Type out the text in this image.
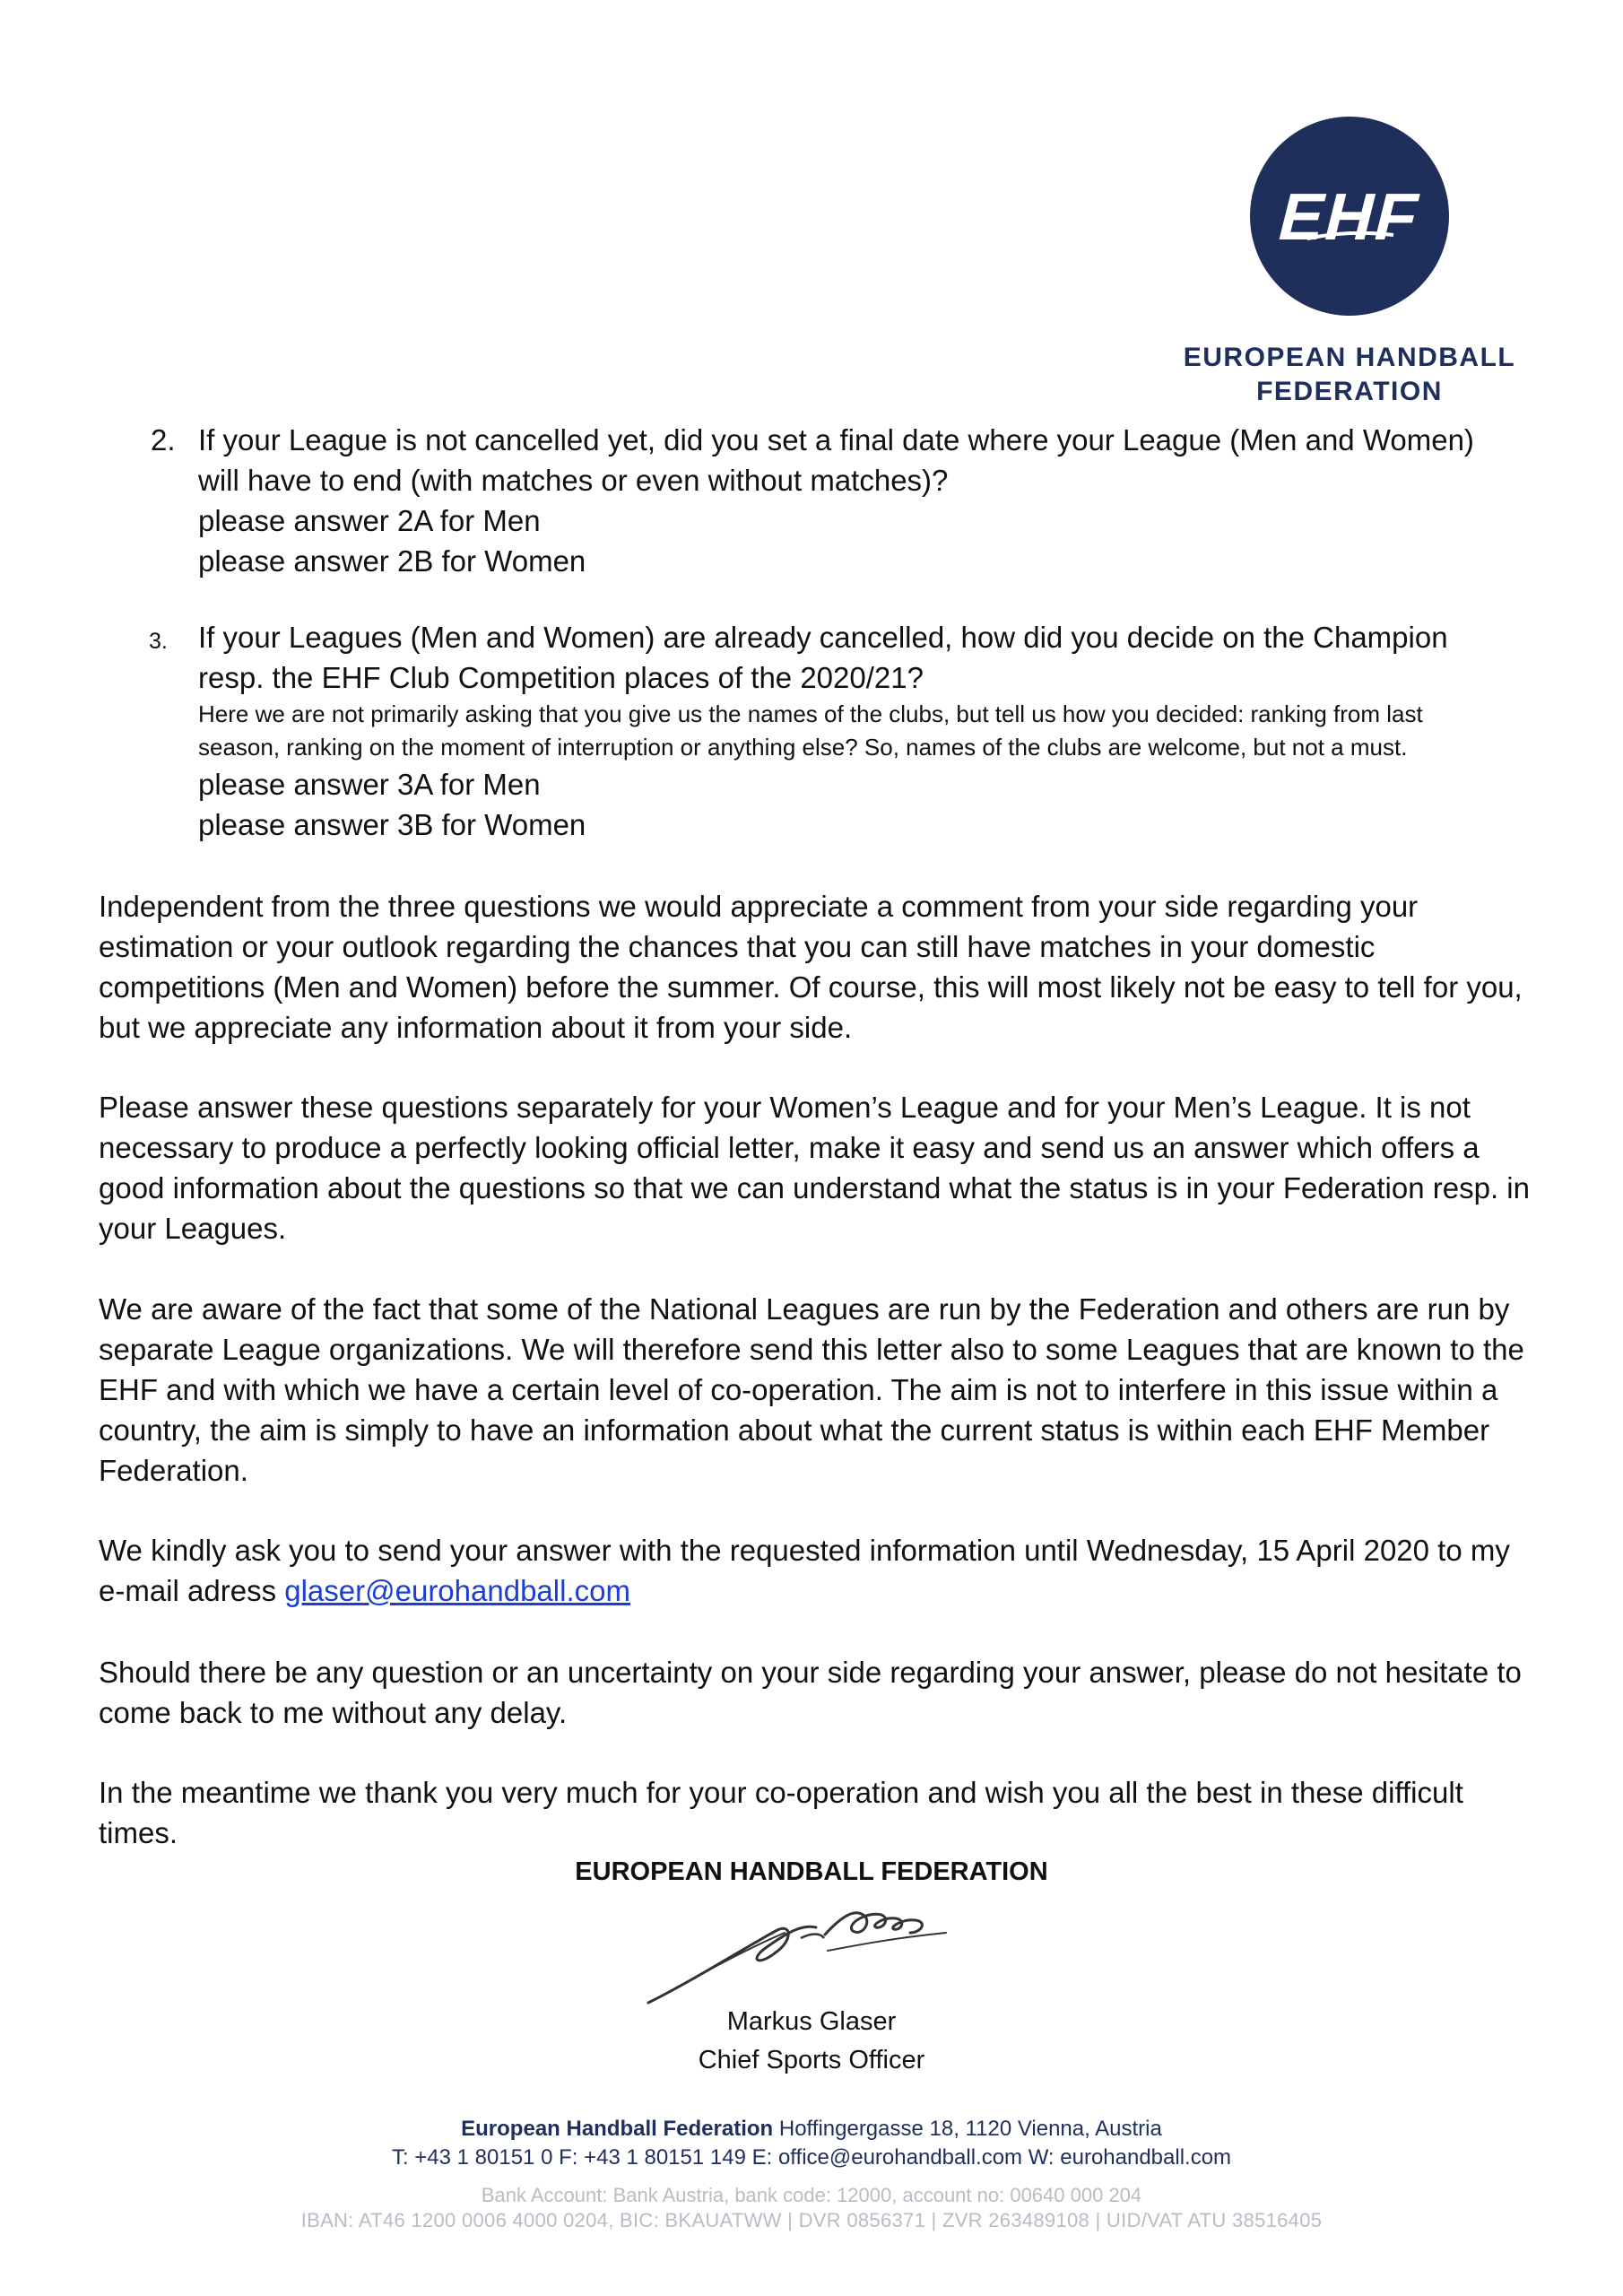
EHF
EUROPEAN HANDBALL
FEDERATION
2. If your League is not cancelled yet, did you set a final date where your League (Men and Women)
will have to end (with matches or even without matches)?
please answer 2A for Men
please answer 2B for Women
3. If your Leagues (Men and Women) are already cancelled, how did you decide on the Champion
resp. the EHF Club Competition places of the 2020/21?
Here we are not primarily asking that you give us the names of the clubs, but tell us how you decided: ranking from last
season, ranking on the moment of interruption or anything else? So, names of the clubs are welcome, but not a must.
please answer 3A for Men
please answer 3B for Women
Independent from the three questions we would appreciate a comment from your side regarding your estimation or your outlook regarding the chances that you can still have matches in your domestic competitions (Men and Women) before the summer. Of course, this will most likely not be easy to tell for you, but we appreciate any information about it from your side.
Please answer these questions separately for your Women’s League and for your Men’s League. It is not necessary to produce a perfectly looking official letter, make it easy and send us an answer which offers a good information about the questions so that we can understand what the status is in your Federation resp. in your Leagues.
We are aware of the fact that some of the National Leagues are run by the Federation and others are run by separate League organizations. We will therefore send this letter also to some Leagues that are known to the EHF and with which we have a certain level of co-operation. The aim is not to interfere in this issue within a country, the aim is simply to have an information about what the current status is within each EHF Member Federation.
We kindly ask you to send your answer with the requested information until Wednesday, 15 April 2020 to my e-mail adress glaser@eurohandball.com
Should there be any question or an uncertainty on your side regarding your answer, please do not hesitate to come back to me without any delay.
In the meantime we thank you very much for your co-operation and wish you all the best in these difficult times.
EUROPEAN HANDBALL FEDERATION
Markus Glaser
Chief Sports Officer
European Handball Federation Hoffingergasse 18, 1120 Vienna, Austria
T: +43 1 80151 0 F: +43 1 80151 149 E: office@eurohandball.com W: eurohandball.com
Bank Account: Bank Austria, bank code: 12000, account no: 00640 000 204
IBAN: AT46 1200 0006 4000 0204, BIC: BKAUATWW | DVR 0856371 | ZVR 263489108 | UID/VAT ATU 38516405
